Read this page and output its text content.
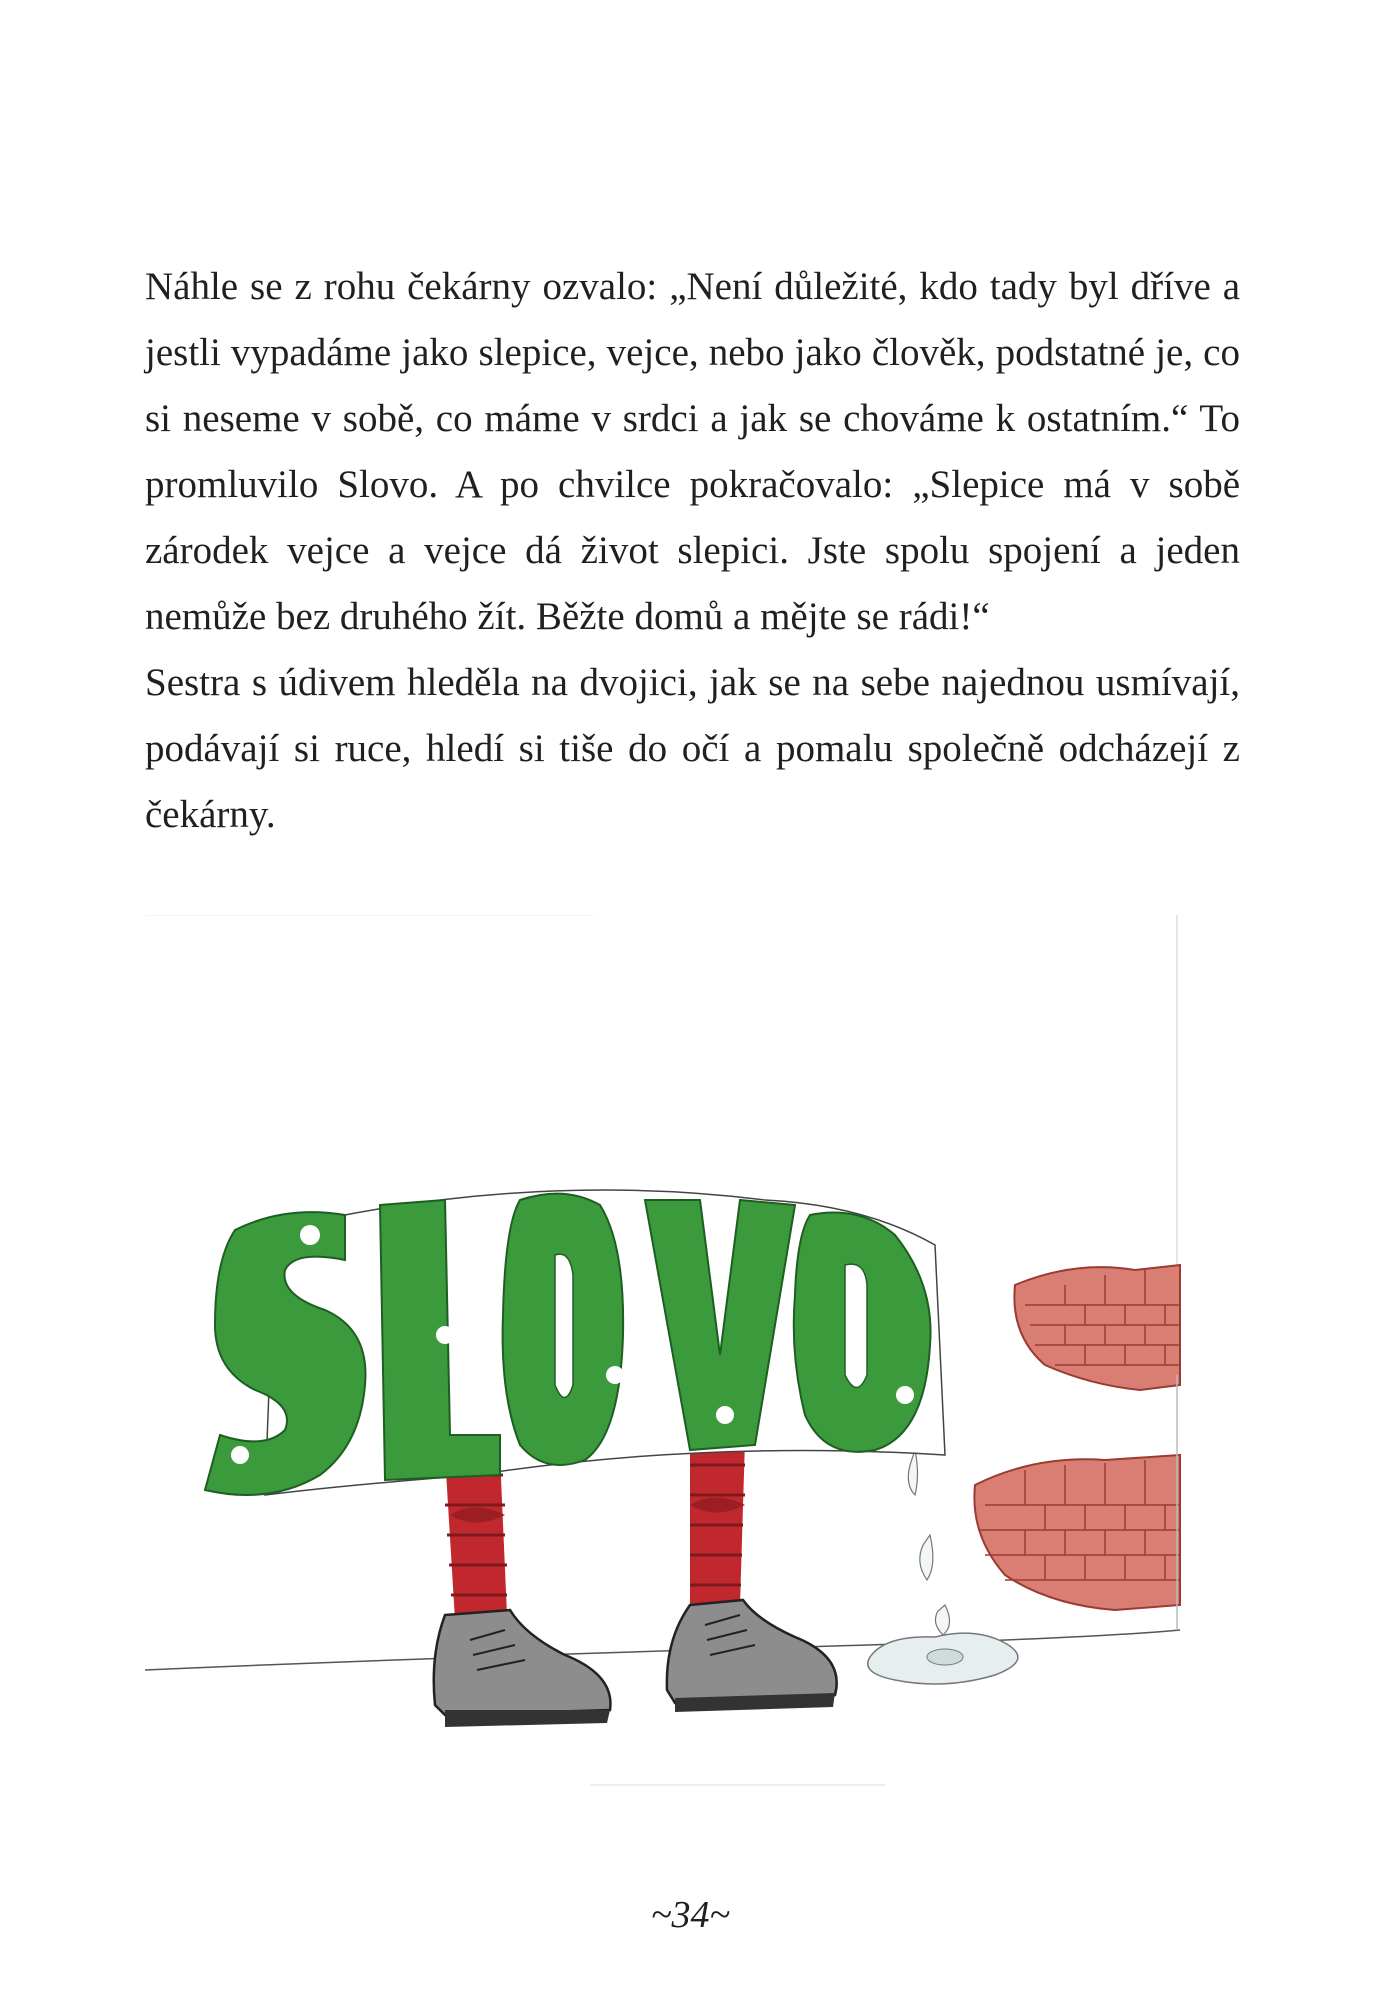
Náhle se z rohu čekárny ozvalo: „Není důležité, kdo tady byl dříve a jestli vypadáme jako slepice, vejce, nebo jako člověk, podstatné je, co si neseme v sobě, co máme v srdci a jak se chováme k ostatním.“ To promluvilo Slovo. A po chvilce pokračovalo: „Slepice má v sobě zárodek vejce a vejce dá život slepici. Jste spolu spojení a jeden nemůže bez druhého žít. Běžte domů a mějte se rádi!“

Sestra s údivem hleděla na dvojici, jak se na sebe najednou usmívají, podávají si ruce, hledí si tiše do očí a pomalu společně odcházejí z čekárny.

~34~
